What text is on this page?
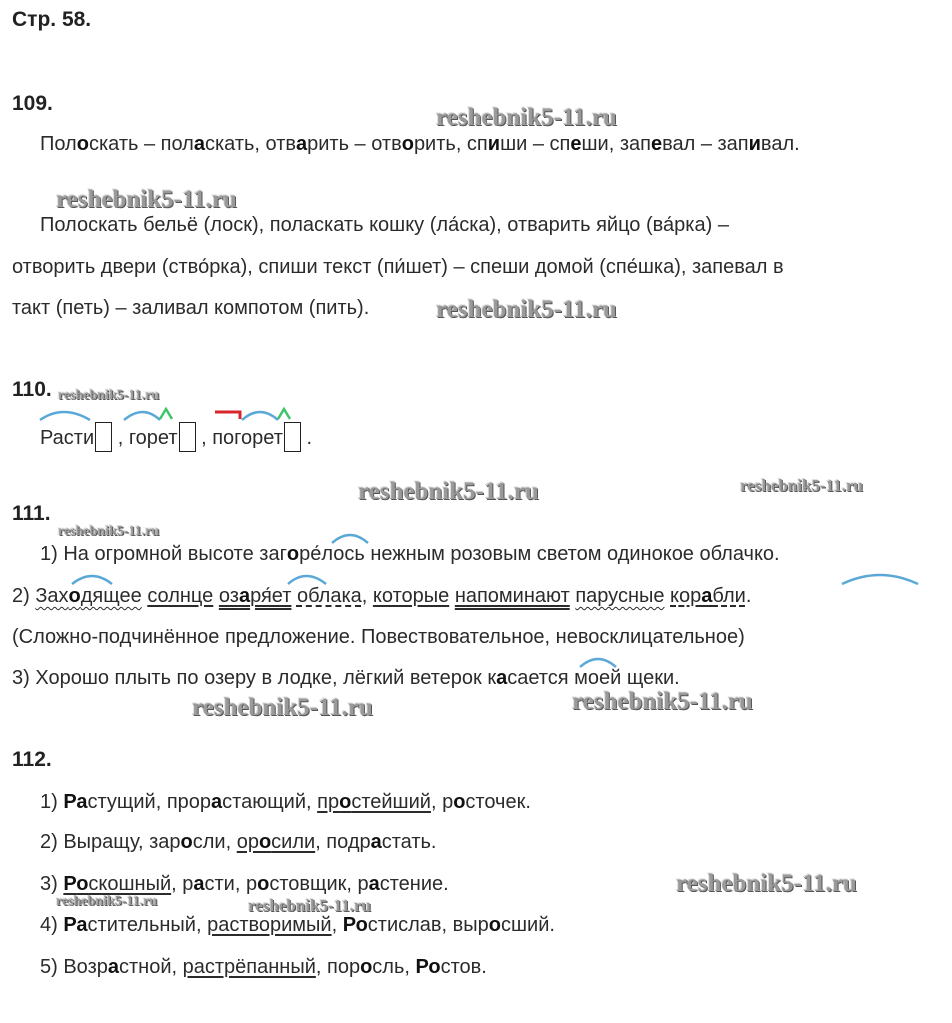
Стр. 58.
reshebnik5-11.ru
reshebnik5-11.ru
reshebnik5-11.ru
reshebnik5-11.ru
reshebnik5-11.ru	reshebnik5-11.ru
reshebnik5-11.ru
reshebnik5-11.ru	reshebnik5-11.ru
reshebnik5-11.ru
reshebnik5-11.ru	reshebnik5-11.ru
109.
Полоскать – поласкать, отварить – отворить, спиши – спеши, запевал – запивал.
Полоскать бельё (лоск), поласкать кошку (ла́ска), отварить яйцо (ва́рка) –
отворить двери (ство́рка), спиши текст (пи́шет) – спеши домой (спе́шка), запевал в
такт (петь) – заливал компотом (пить).
110.
Расти , горет , погорет .
111.
1) На огромной высоте загоре́лось нежным розовым светом одинокое облачко.
2) Заходящее солнце озаря́ет облака, которые напоминают парусные корабли.
(Сложно-подчинённое предложение. Повествовательное, невосклицательное)
3) Хорошо плыть по озеру в лодке, лёгкий ветерок касается моей щеки.
112.
1) Растущий, прорастающий, простейший, росточек.
2) Выращу, заросли, оросили, подрастать.
3) Роскошный, расти, ростовщик, растение.
4) Растительный, растворимый, Ростислав, выросший.
5) Возрастной, растрёпанный, поросль, Ростов.
